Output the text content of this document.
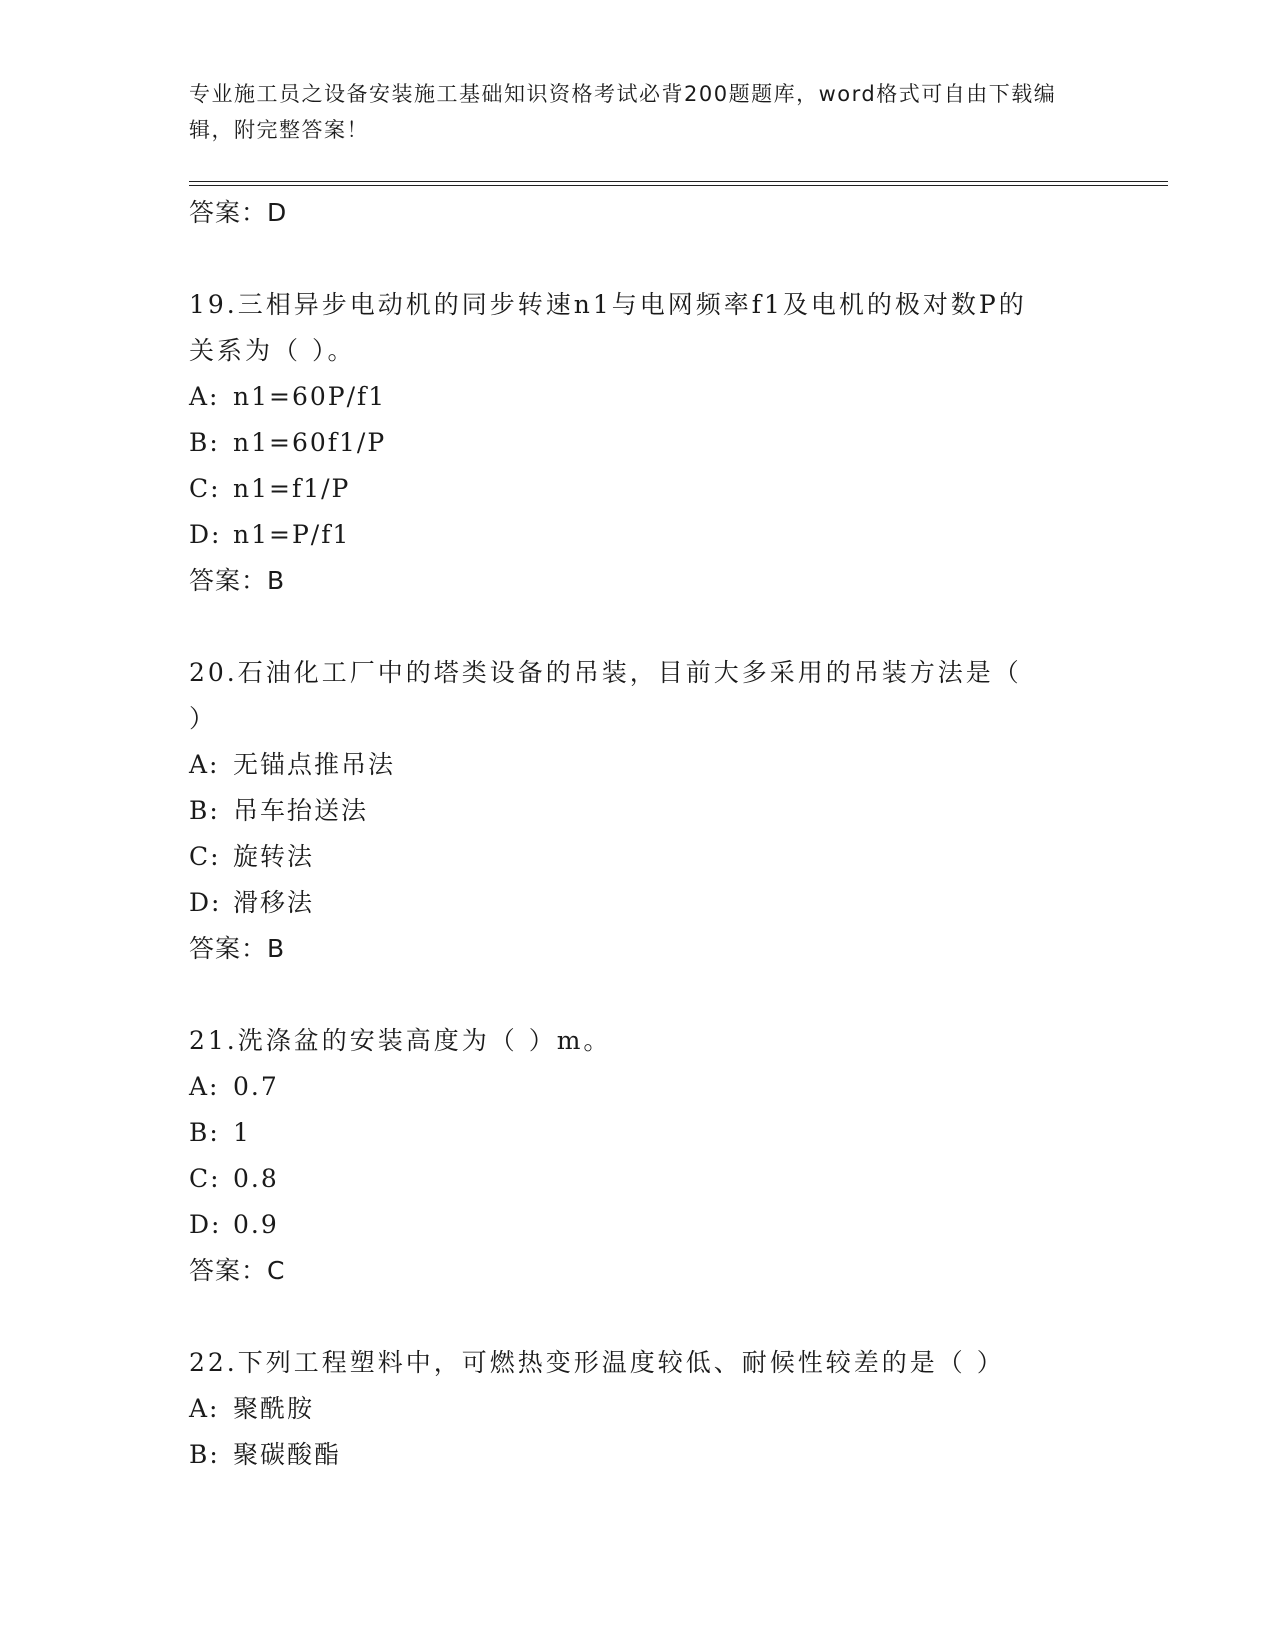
专业施工员之设备安装施工基础知识资格考试必背200题题库，word格式可自由下载编辑，附完整答案！
答案：D
19.三相异步电动机的同步转速n1与电网频率f1及电机的极对数P的
关系为（ ）。
A: n1=60P/f1
B: n1=60f1/P
C: n1=f1/P
D: n1=P/f1
答案：B
20.石油化工厂中的塔类设备的吊装，目前大多采用的吊装方法是（
）
A: 无锚点推吊法
B: 吊车抬送法
C: 旋转法
D: 滑移法
答案：B
21.洗涤盆的安装高度为（ ）m。
A: 0.7
B: 1
C: 0.8
D: 0.9
答案：C
22.下列工程塑料中，可燃热变形温度较低、耐候性较差的是（ ）
A: 聚酰胺
B: 聚碳酸酯
